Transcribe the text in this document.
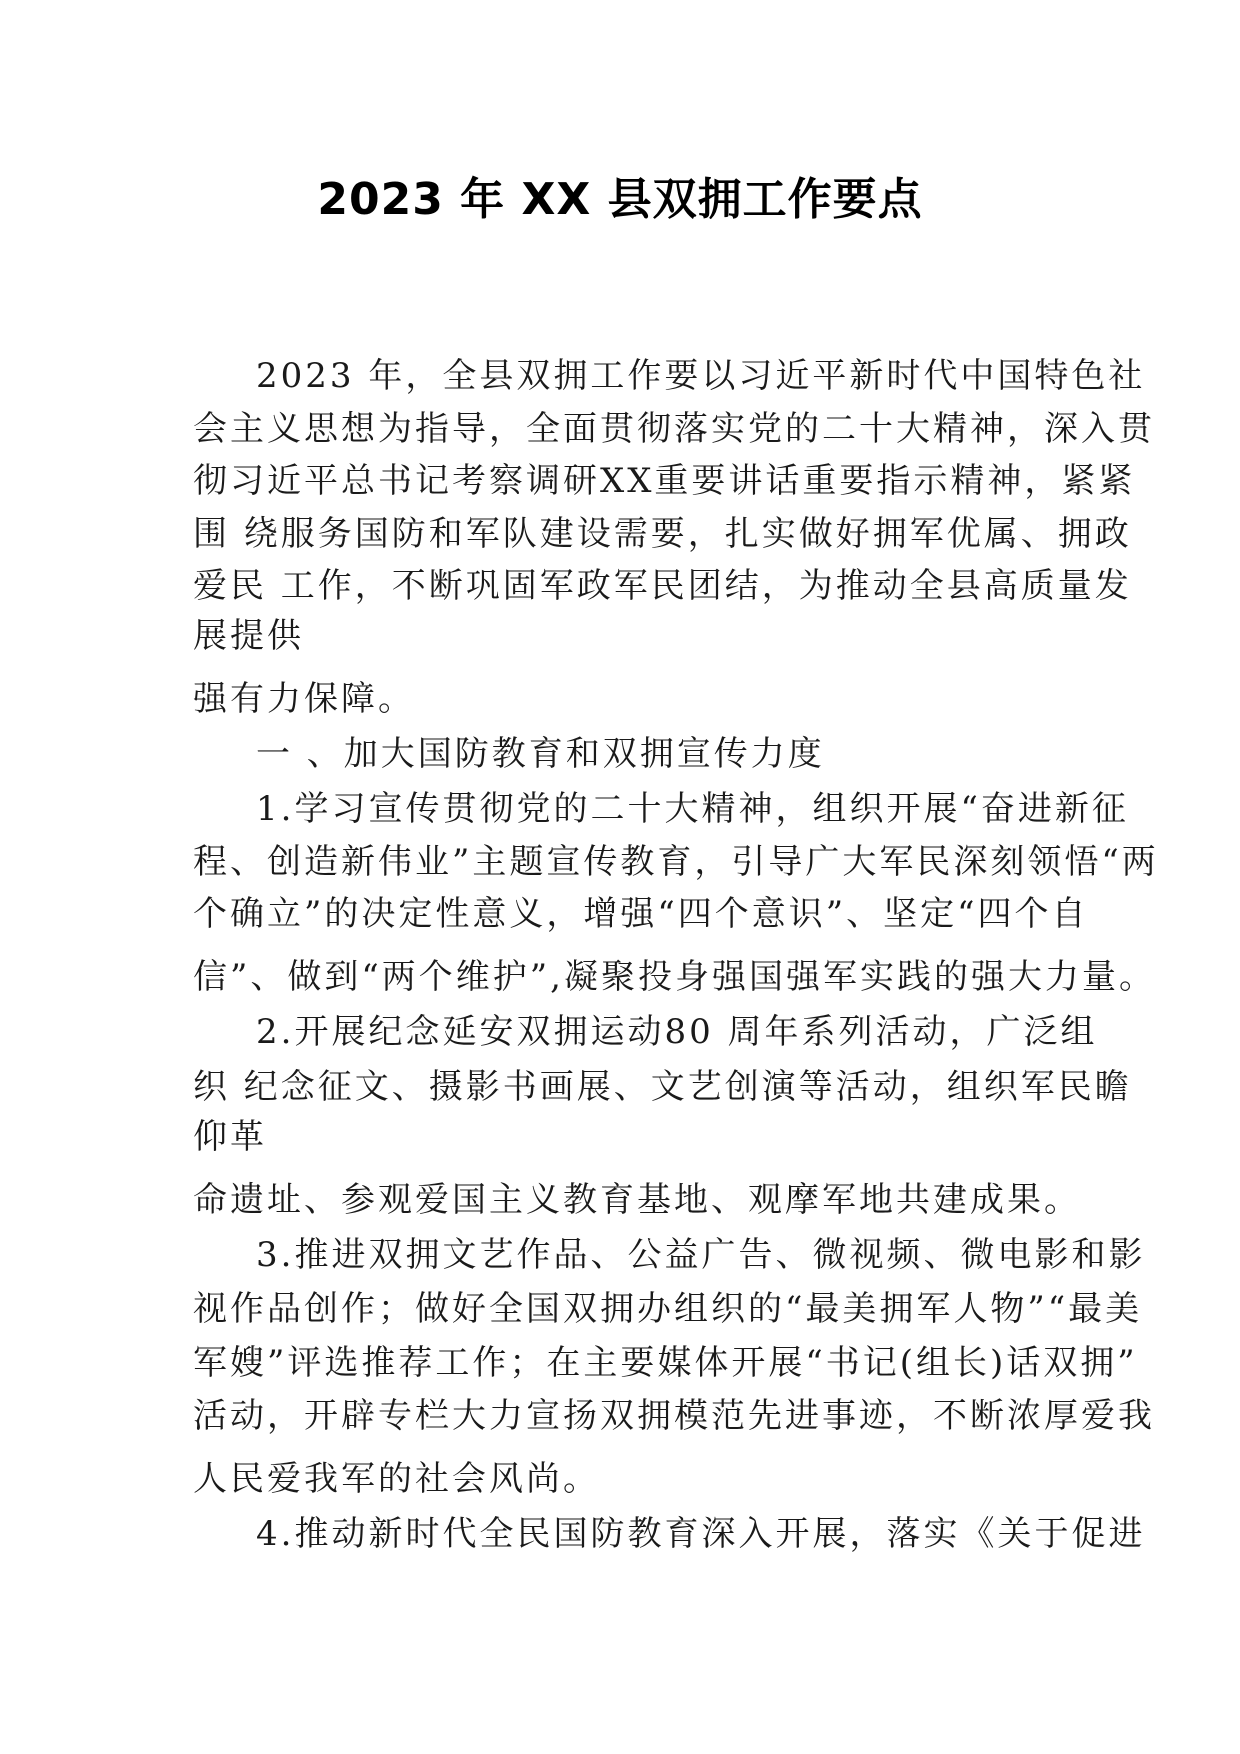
2023 年 XX 县双拥工作要点
2023 年，全县双拥工作要以习近平新时代中国特色社
会主义思想为指导，全面贯彻落实党的二十大精神，深入贯
彻习近平总书记考察调研XX重要讲话重要指示精神，紧紧
围 绕服务国防和军队建设需要，扎实做好拥军优属、拥政
爱民 工作，不断巩固军政军民团结，为推动全县高质量发
展提供
强有力保障。
一 、加大国防教育和双拥宣传力度
1.学习宣传贯彻党的二十大精神，组织开展“奋进新征
程、创造新伟业”主题宣传教育，引导广大军民深刻领悟“两
个确立”的决定性意义，增强“四个意识”、坚定“四个自
信”、做到“两个维护”,凝聚投身强国强军实践的强大力量。
2.开展纪念延安双拥运动80 周年系列活动，广泛组
织 纪念征文、摄影书画展、文艺创演等活动，组织军民瞻
仰革
命遗址、参观爱国主义教育基地、观摩军地共建成果。
3.推进双拥文艺作品、公益广告、微视频、微电影和影
视作品创作；做好全国双拥办组织的“最美拥军人物”“最美
军嫂”评选推荐工作；在主要媒体开展“书记(组长)话双拥”
活动，开辟专栏大力宣扬双拥模范先进事迹，不断浓厚爱我
人民爱我军的社会风尚。
4.推动新时代全民国防教育深入开展，落实《关于促进
